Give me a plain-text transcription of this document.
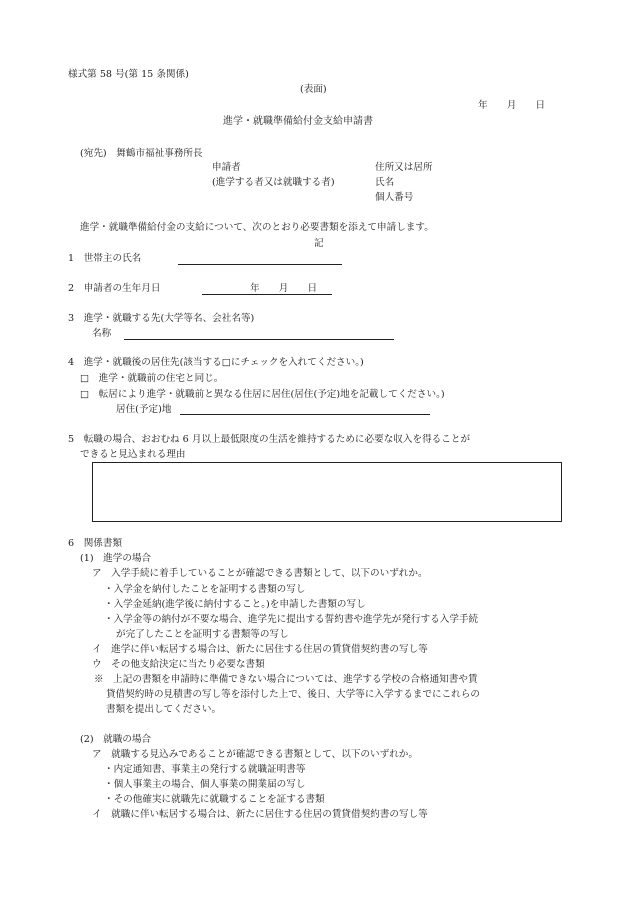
様式第 58 号(第 15 条関係)
(表面)
年　　月　　日
進学・就職準備給付金支給申請書
(宛先)　舞鶴市福祉事務所長
申請者
(進学する者又は就職する者)
住所又は居所
氏名
個人番号
進学・就職準備給付金の支給について、次のとおり必要書類を添えて申請します。
記
1　世帯主の氏名
2　申請者の生年月日	年　　月　　日
3　進学・就職する先(大学等名、会社名等)
名称
4　進学・就職後の居住先(該当する□にチェックを入れてください。)
□　進学・就職前の住宅と同じ。
□　転居により進学・就職前と異なる住居に居住(居住(予定)地を記載してください。)
居住(予定)地
5　転職の場合、おおむね 6 月以上最低限度の生活を維持するために必要な収入を得ることが
できると見込まれる理由
6　関係書類
(1)　進学の場合
ア　入学手続に着手していることが確認できる書類として、以下のいずれか。
・入学金を納付したことを証明する書類の写し
・入学金延納(進学後に納付すること。)を申請した書類の写し
・入学金等の納付が不要な場合、進学先に提出する誓約書や進学先が発行する入学手続
が完了したことを証明する書類等の写し
イ　進学に伴い転居する場合は、新たに居住する住居の賃貸借契約書の写し等
ウ　その他支給決定に当たり必要な書類
※　上記の書類を申請時に準備できない場合については、進学する学校の合格通知書や賃
貸借契約時の見積書の写し等を添付した上で、後日、大学等に入学するまでにこれらの
書類を提出してください。
(2)　就職の場合
ア　就職する見込みであることが確認できる書類として、以下のいずれか。
・内定通知書、事業主の発行する就職証明書等
・個人事業主の場合、個人事業の開業届の写し
・その他確実に就職先に就職することを証する書類
イ　就職に伴い転居する場合は、新たに居住する住居の賃貸借契約書の写し等
